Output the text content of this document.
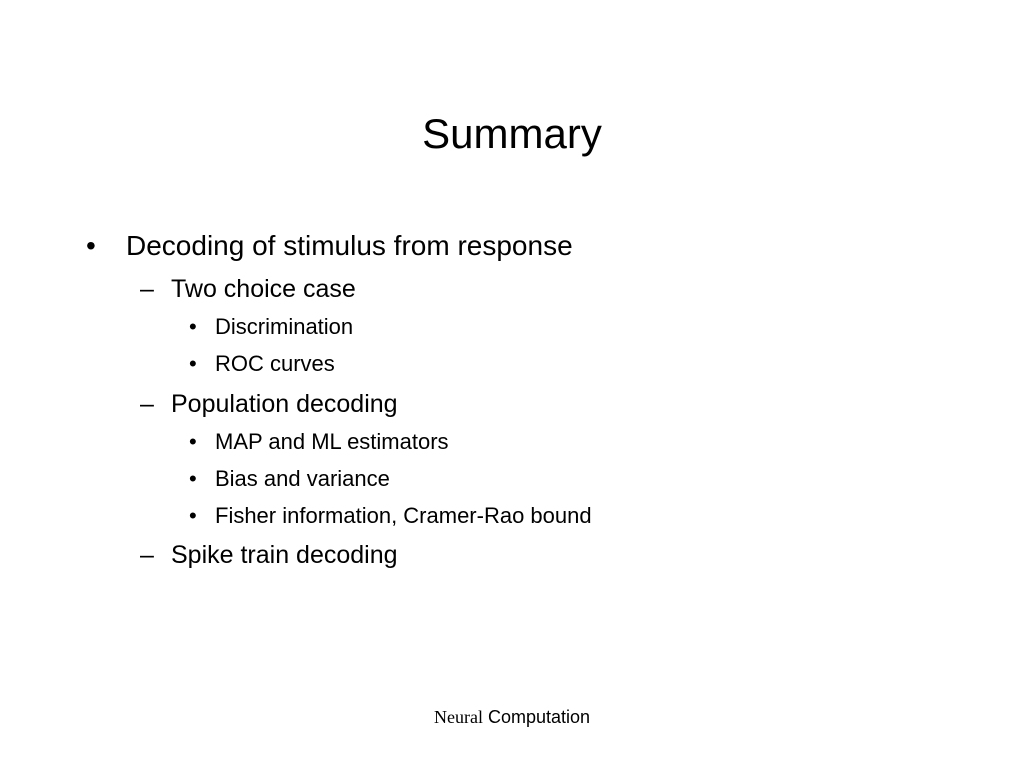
Summary
• Decoding of stimulus from response
– Two choice case
• Discrimination
• ROC curves
– Population decoding
• MAP and ML estimators
• Bias and variance
• Fisher information, Cramer-Rao bound
– Spike train decoding
Neural Computation
